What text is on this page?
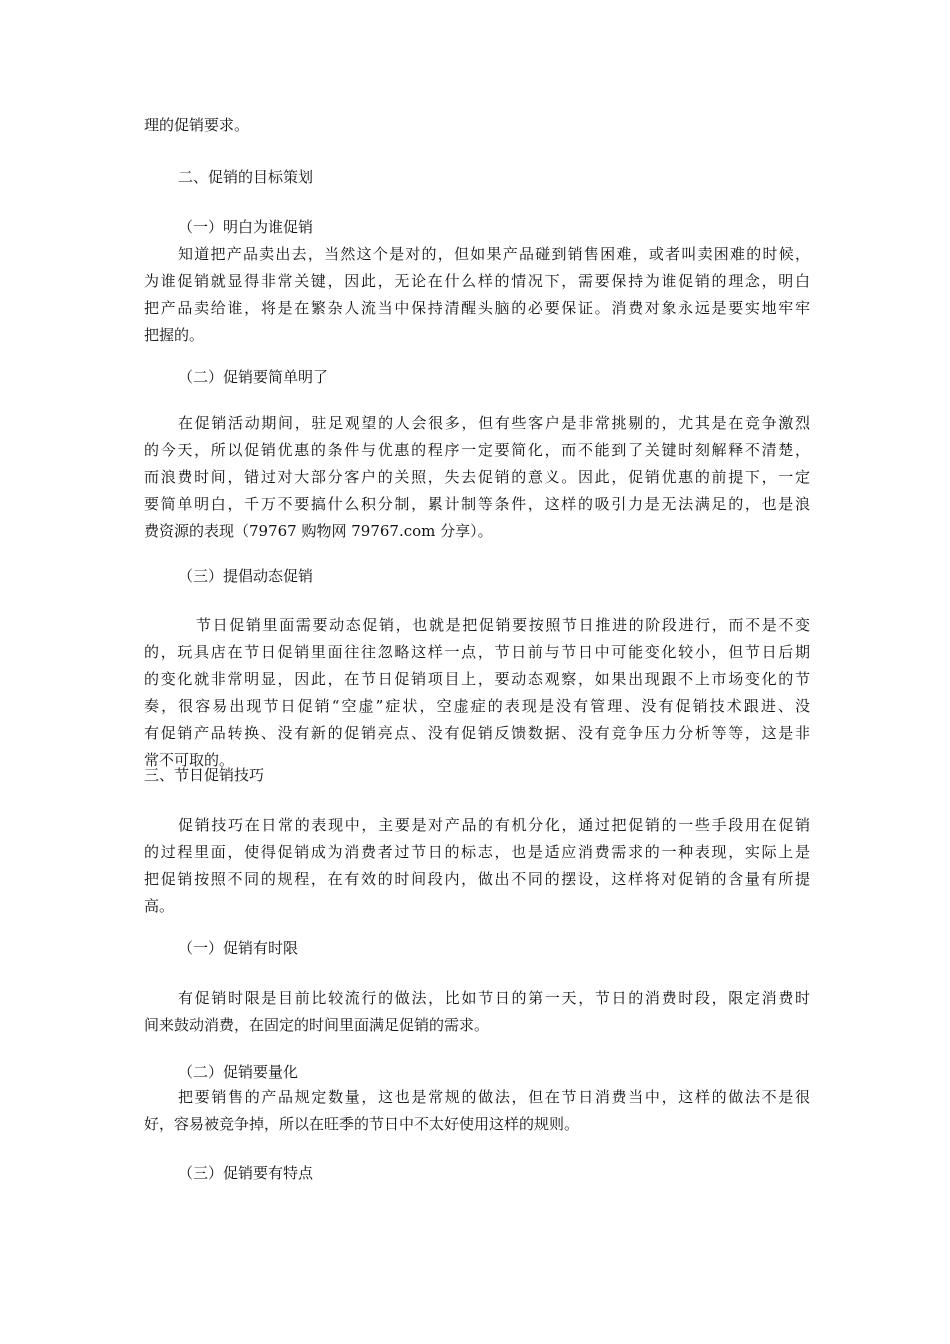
理的促销要求。
二、促销的目标策划
（一）明白为谁促销
知道把产品卖出去，当然这个是对的，但如果产品碰到销售困难，或者叫卖困难的时候，
为谁促销就显得非常关键，因此，无论在什么样的情况下，需要保持为谁促销的理念，明白
把产品卖给谁，将是在繁杂人流当中保持清醒头脑的必要保证。消费对象永远是要实地牢牢
把握的。
（二）促销要简单明了
在促销活动期间，驻足观望的人会很多，但有些客户是非常挑剔的，尤其是在竞争激烈
的今天，所以促销优惠的条件与优惠的程序一定要简化，而不能到了关键时刻解释不清楚，
而浪费时间，错过对大部分客户的关照，失去促销的意义。因此，促销优惠的前提下，一定
要简单明白，千万不要搞什么积分制，累计制等条件，这样的吸引力是无法满足的，也是浪
费资源的表现（79767 购物网 79767.com 分享）。
（三）提倡动态促销
节日促销里面需要动态促销，也就是把促销要按照节日推进的阶段进行，而不是不变
的，玩具店在节日促销里面往往忽略这样一点，节日前与节日中可能变化较小，但节日后期
的变化就非常明显，因此，在节日促销项目上，要动态观察，如果出现跟不上市场变化的节
奏，很容易出现节日促销“空虚”症状，空虚症的表现是没有管理、没有促销技术跟进、没
有促销产品转换、没有新的促销亮点、没有促销反馈数据、没有竞争压力分析等等，这是非
常不可取的。
三、节日促销技巧
促销技巧在日常的表现中，主要是对产品的有机分化，通过把促销的一些手段用在促销
的过程里面，使得促销成为消费者过节日的标志，也是适应消费需求的一种表现，实际上是
把促销按照不同的规程，在有效的时间段内，做出不同的摆设，这样将对促销的含量有所提
高。
（一）促销有时限
有促销时限是目前比较流行的做法，比如节日的第一天，节日的消费时段，限定消费时
间来鼓动消费，在固定的时间里面满足促销的需求。
（二）促销要量化
把要销售的产品规定数量，这也是常规的做法，但在节日消费当中，这样的做法不是很
好，容易被竞争掉，所以在旺季的节日中不太好使用这样的规则。
（三）促销要有特点
